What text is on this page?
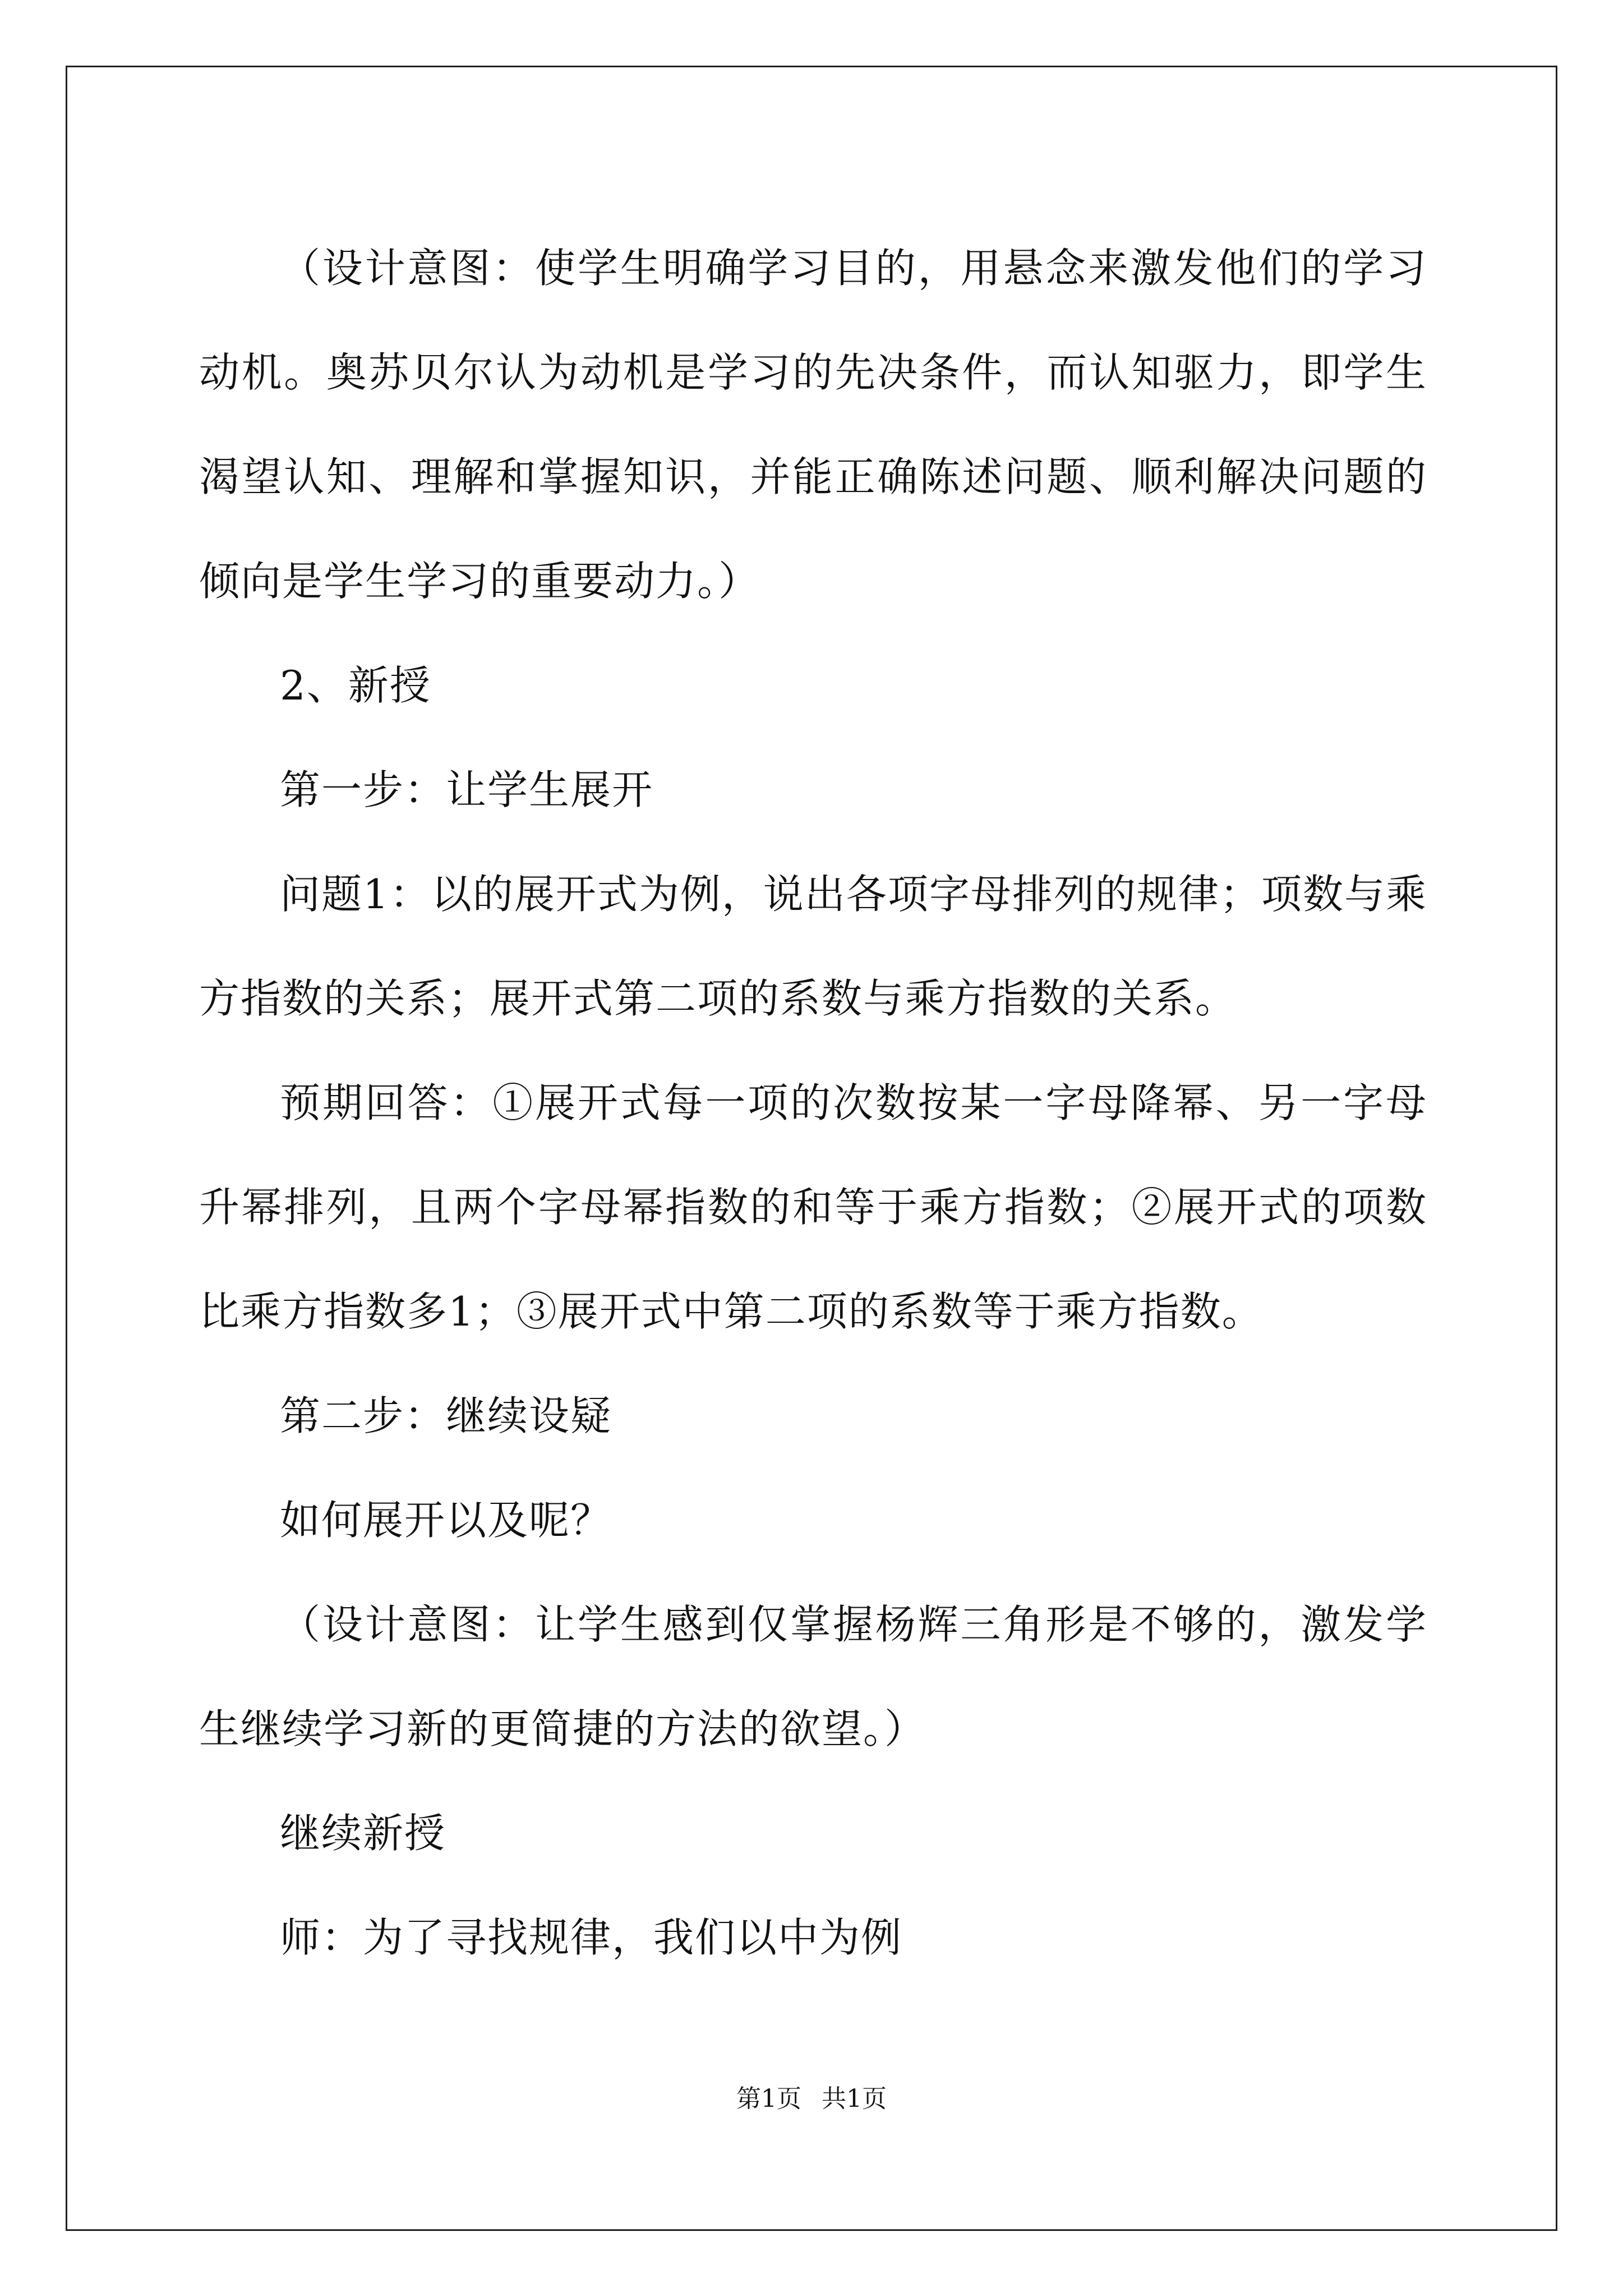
（设计意图：使学生明确学习目的，用悬念来激发他们的学习动机。奥苏贝尔认为动机是学习的先决条件，而认知驱力，即学生渴望认知、理解和掌握知识，并能正确陈述问题、顺利解决问题的倾向是学生学习的重要动力。）

2、新授

第一步：让学生展开

问题1：以的展开式为例，说出各项字母排列的规律；项数与乘方指数的关系；展开式第二项的系数与乘方指数的关系。

预期回答：①展开式每一项的次数按某一字母降幂、另一字母升幂排列，且两个字母幂指数的和等于乘方指数；②展开式的项数比乘方指数多1；③展开式中第二项的系数等于乘方指数。

第二步：继续设疑

如何展开以及呢？

（设计意图：让学生感到仅掌握杨辉三角形是不够的，激发学生继续学习新的更简捷的方法的欲望。）

继续新授

师：为了寻找规律，我们以中为例

第1页 共1页
